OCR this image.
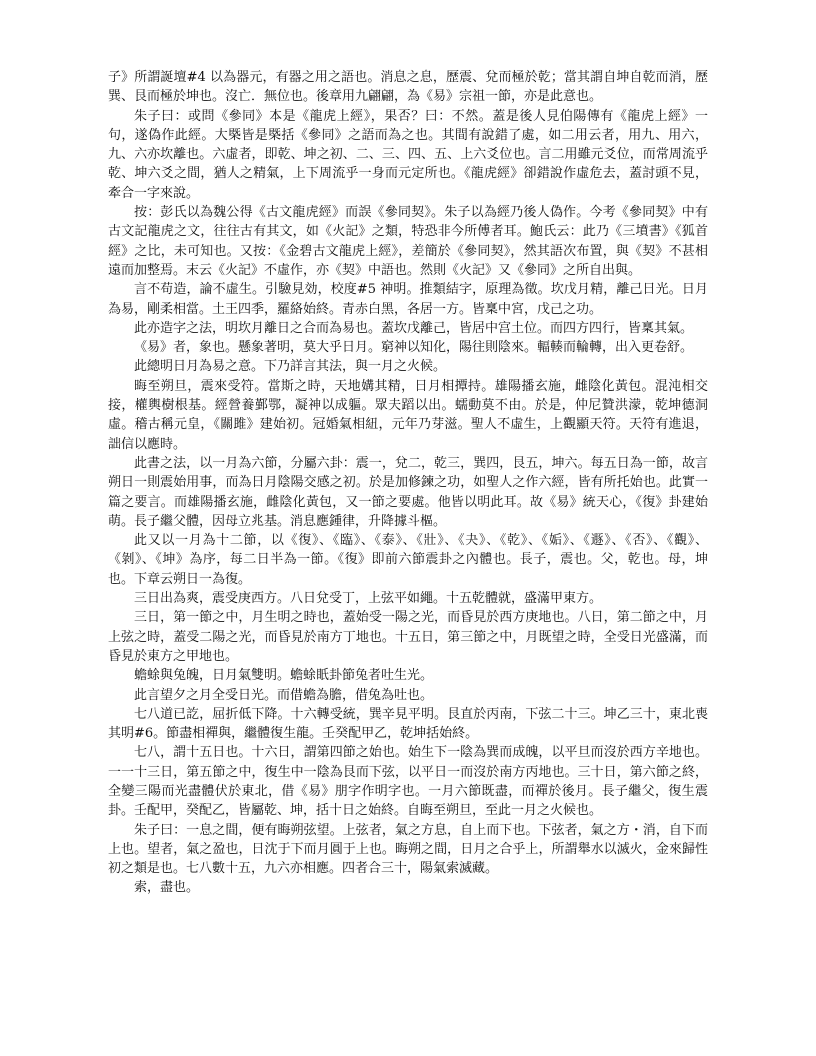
子》所謂誕壇#4 以為器元，有器之用之語也。消息之息，歷震、兌而極於乾；當其謂自坤自乾而消，歷巽、艮而極於坤也。沒亡．無位也。後章用九翩翩，為《易》宗祖一節，亦是此意也。

朱子曰：或問《參同》本是《龍虎上經》，果否？曰：不然。蓋是後人見伯陽傳有《龍虎上經》一句，遂偽作此經。大槩皆是槩括《參同》之語而為之也。其間有說錯了處，如二用云者，用九、用六，九、六亦坎離也。六虛者，即乾、坤之初、二、三、四、五、上六爻位也。言二用雖元爻位，而常周流乎乾、坤六爻之間，猶人之精氣，上下周流乎一身而元定所也。《龍虎經》卻錯說作虛危去，蓋討頭不見，牽合一字來說。

按：彭氏以為魏公得《古文龍虎經》而誤《參同契》。朱子以為經乃後人偽作。今考《參同契》中有古文記龍虎之文，往往古有其文，如《火記》之類，特恐非今所傅者耳。鮑氏云：此乃《三墳書》《狐首經》之比，未可知也。又按：《金碧古文龍虎上經》，差簡於《參同契》，然其語次布置，與《契》不甚相遠而加整焉。末云《火記》不虛作，亦《契》中語也。然則《火記》又《參同》之所自出與。

言不苟造，論不虛生。引驗見効，校度#5 神明。推類結字，原理為徵。坎戊月精，離己日光。日月為易，剛柔相當。土王四季，羅絡始終。青赤白黑，各居一方。皆稟中宮，戊己之功。

此亦造字之法，明坎月離日之合而為易也。蓋坎戊離己，皆居中宫土位。而四方四行，皆稟其氣。

《易》者，象也。懸象著明，莫大乎日月。窮神以知化，陽往則陰來。輻輳而輪轉，出入更卷舒。

此總明日月為易之意。下乃詳言其法，與一月之火候。

晦至朔旦，震來受符。當斯之時，天地媾其精，日月相撢持。雄陽播玄施，雌陰化黃包。混沌相交接，權輿樹根基。經營養鄞鄂，凝神以成軀。眾夫蹈以出。蠕動莫不由。於是，仲尼贊洪濛，乾坤德洞虛。稽古稱元皇，《關雎》建始初。冠婚氣相紐，元年乃芽滋。聖人不虛生，上觀顯天符。天符有進退，詘信以應時。

此書之法，以一月為六節，分屬六卦：震一，兌二，乾三，巽四，艮五，坤六。每五日為一節，故言朔日一則震始用事，而為日月陰陽交感之初。於是加修鍊之功，如聖人之作六經，皆有所托始也。此實一篇之要言。而雄陽播玄施，雌陰化黃包，又一節之要處。他皆以明此耳。故《易》統天心，《復》卦建始萌。長子繼父體，因母立兆基。消息應鍾律，升降據斗樞。

此又以一月為十二節，以《復》、《臨》、《泰》、《壯》、《夬》、《乾》、《姤》、《遯》、《否》、《觀》、《剝》、《坤》為序，每二日半為一節。《復》即前六節震卦之內體也。長子，震也。父，乾也。母，坤也。下章云朔日一為復。

三日出為爽，震受庚西方。八日兌受丁，上弦平如繩。十五乾體就，盛滿甲東方。

三日，第一節之中，月生明之時也，蓋始受一陽之光，而昏見於西方庚地也。八日，第二節之中，月上弦之時，蓋受二陽之光，而昏見於南方丁地也。十五日，第三節之中，月既望之時，全受日光盛滿，而昏見於東方之甲地也。

蟾蜍與兔魄，日月氣雙明。蟾蜍眂卦節兔者吐生光。

此言望夕之月全受日光。而借蟾為膽，借兔為吐也。

七八道已訖，屈折低下降。十六轉受統，巽辛見平明。艮直於丙南，下弦二十三。坤乙三十，東北喪其明#6。節盡相禪與，繼體復生龍。壬癸配甲乙，乾坤括始終。

七八，謂十五日也。十六日，謂第四節之始也。始生下一陰為巽而成魄，以平旦而沒於西方辛地也。一一十三日，第五節之中，復生中一陰為艮而下弦，以平日一而沒於南方丙地也。三十日，第六節之終，全變三陽而光盡體伏於東北，借《易》朋字作明字也。一月六節既盡，而禪於後月。長子繼父，復生震卦。壬配甲，癸配乙，皆屬乾、坤，括十日之始終。自晦至朔旦，至此一月之火候也。

朱子曰：一息之間，便有晦朔弦望。上弦者，氣之方息，自上而下也。下弦者，氣之方・消，自下而上也。望者，氣之盈也，日沈于下而月圓于上也。晦朔之間，日月之合乎上，所謂舉水以滅火，金來歸性初之類是也。七八數十五，九六亦相應。四者合三十，陽氣索滅藏。

索，盡也。
